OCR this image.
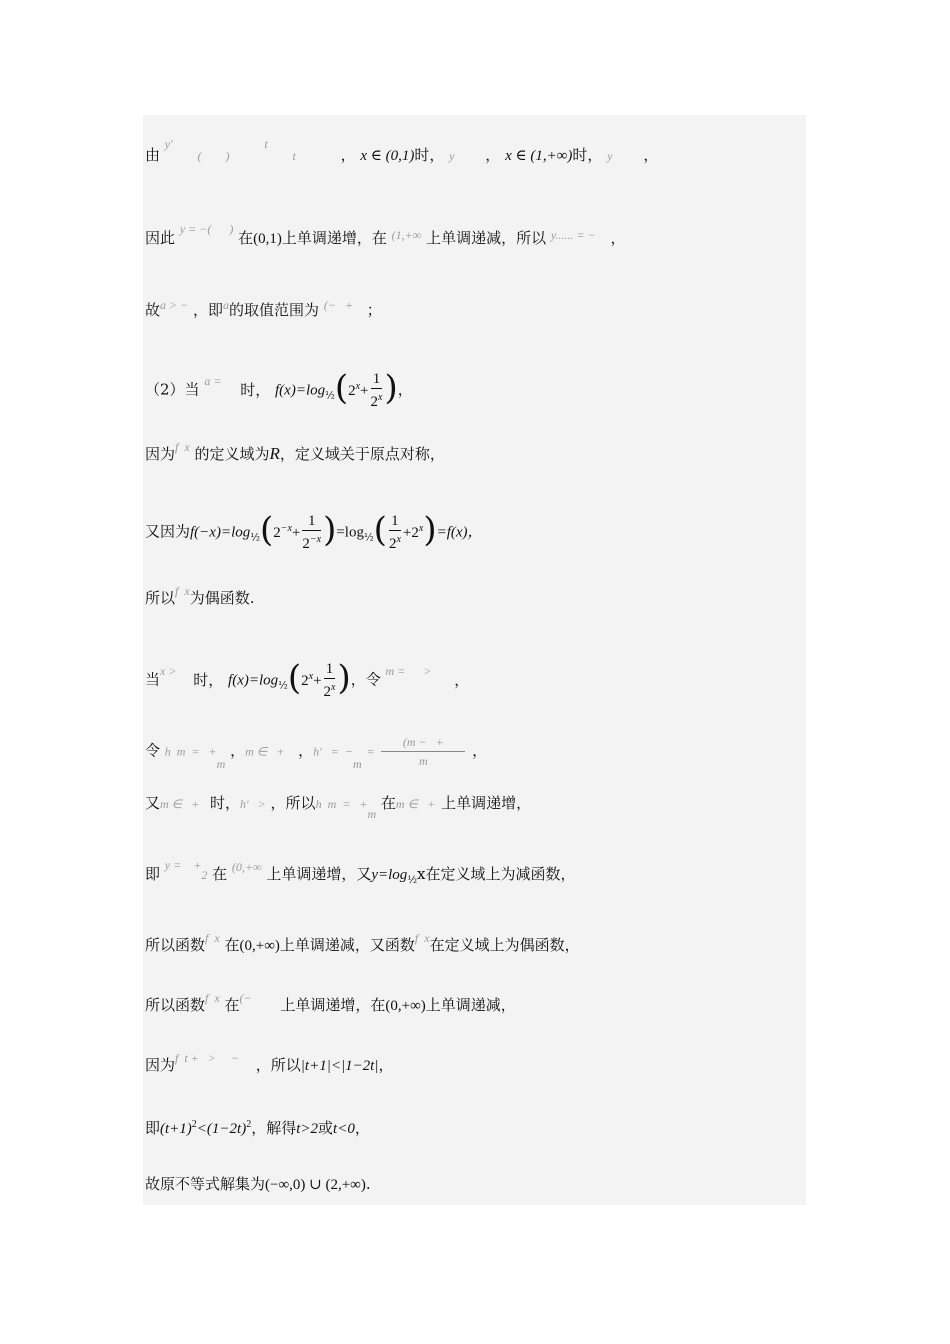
由 $^{y'}$ (        ) $^t$ t	， x ∈ (0,1)时， y ， x ∈ (1,+∞)时， y ，
因此 $^{y = -( )}$ 在(0,1)上单调递增，在 $^{(1,+\infty}$ 上单调递减，所以 $^{y...... = -}$ ，
故$^{a > -}$ ，即$^a$的取值范围为 (−   +    ；
（2）当 $^{a =}$ 时， $f(x)=\log_{\frac{1}{2}}(2^x+ \frac{1}{2^x}$ )，
因为$^{f x}$ 的定义域为R，定义域关于原点对称，
又因为$f(-x)=\log_{\frac{1}{2}}(2^{-x}+ \frac{1}{2^{-x}} )=\log_{\frac{1}{2}}( \frac{1}{2^x} +2^x)=f(x)$，
所以$^{f x}$为偶函数.
当$^{x >}$ 时， $f(x)=\log_{\frac{1}{2}}(2^x+ \frac{1}{2^x}$ )，令 $^{m = >}$ ，
令 h  $m = +_m$ ，m ∈   +    ，$h' = -_m = \frac{(m - +}{m}$ ，
又m ∈   +   时，h′   > ，所以h  $m = +_m$ 在m ∈   +  上单调递增，
即 $^{y = +}$2 在 $^{(0,+\infty}$ 上单调递增，又$y=\log_{\frac{1}{2}}x$在定义域上为减函数，
所以函数$^{f x}$ 在(0,+∞)上单调递减，又函数$^{f x}$在定义域上为偶函数，
所以函数$^{f x}$ 在(−         上单调递增，在(0,+∞)上单调递减，
因为$^{f t + > -}$ ，所以|t+1|<|1−2t|，
即$(t+1)^2<(1-2t)^2$，解得t>2或t<0，
故原不等式解集为(−∞,0) ∪ (2,+∞).
